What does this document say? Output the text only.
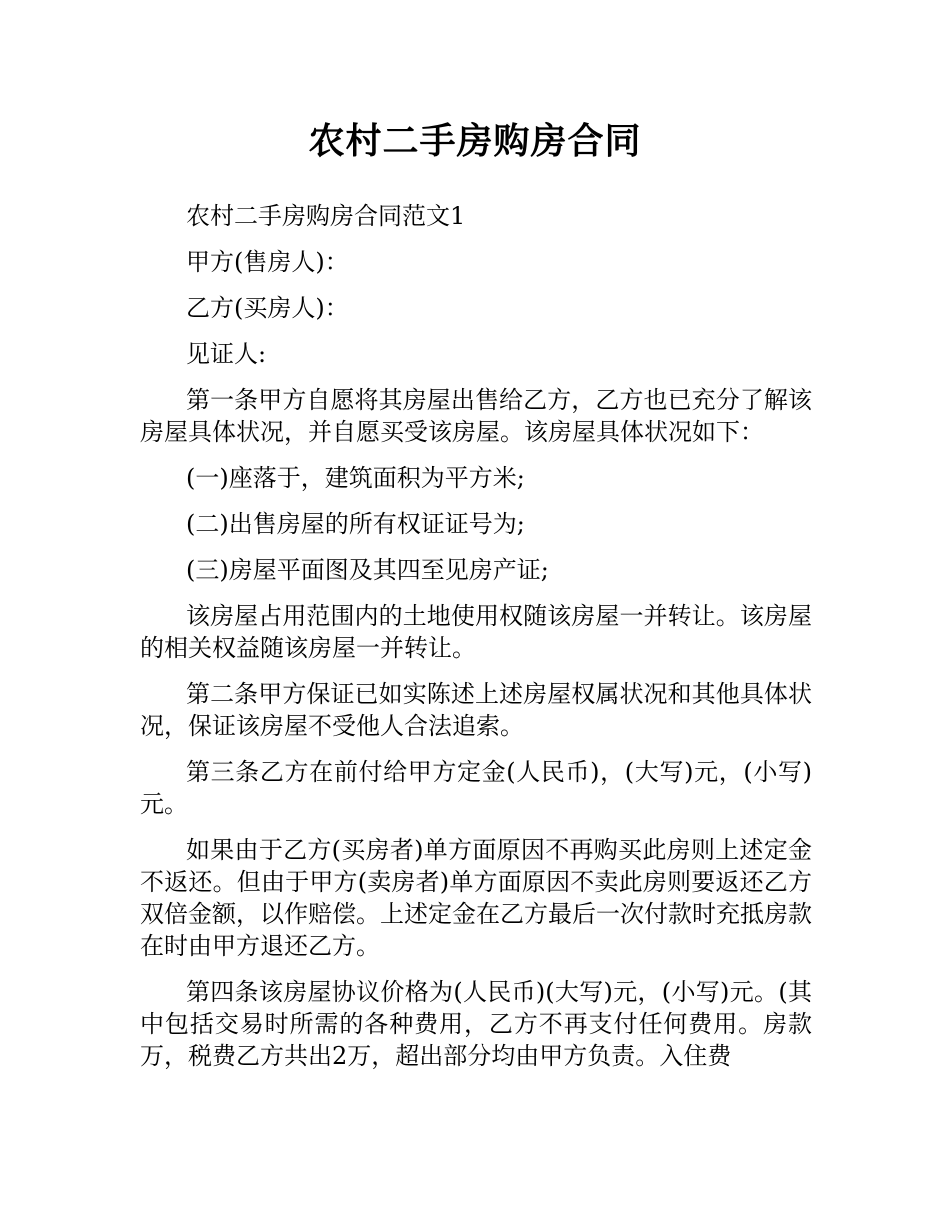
农村二手房购房合同

农村二手房购房合同范文1

甲方(售房人)：

乙方(买房人)：

见证人:

第一条甲方自愿将其房屋出售给乙方，乙方也已充分了解该房屋具体状况，并自愿买受该房屋。该房屋具体状况如下：

(一)座落于，建筑面积为平方米;

(二)出售房屋的所有权证证号为;

(三)房屋平面图及其四至见房产证;

该房屋占用范围内的土地使用权随该房屋一并转让。该房屋的相关权益随该房屋一并转让。

第二条甲方保证已如实陈述上述房屋权属状况和其他具体状况，保证该房屋不受他人合法追索。

第三条乙方在前付给甲方定金(人民币)，(大写)元，(小写)元。

如果由于乙方(买房者)单方面原因不再购买此房则上述定金不返还。但由于甲方(卖房者)单方面原因不卖此房则要返还乙方双倍金额，以作赔偿。上述定金在乙方最后一次付款时充抵房款在时由甲方退还乙方。

第四条该房屋协议价格为(人民币)(大写)元，(小写)元。(其中包括交易时所需的各种费用，乙方不再支付任何费用。房款万，税费乙方共出2万，超出部分均由甲方负责。入住费
